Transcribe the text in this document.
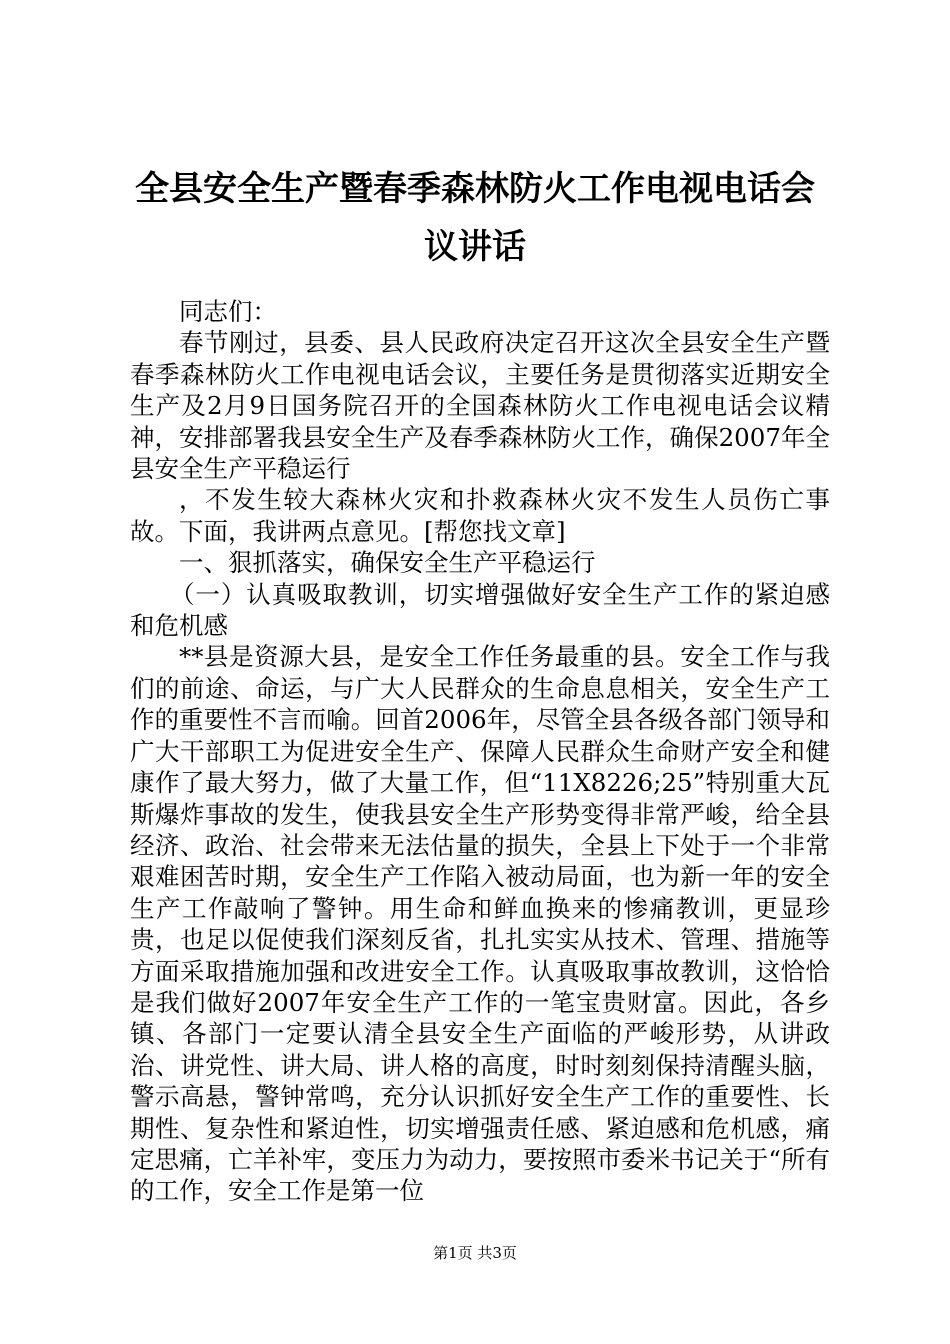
全县安全生产暨春季森林防火工作电视电话会议讲话

同志们：

春节刚过，县委、县人民政府决定召开这次全县安全生产暨春季森林防火工作电视电话会议，主要任务是贯彻落实近期安全生产及2月9日国务院召开的全国森林防火工作电视电话会议精神，安排部署我县安全生产及春季森林防火工作，确保2007年全县安全生产平稳运行

，不发生较大森林火灾和扑救森林火灾不发生人员伤亡事故。下面，我讲两点意见。[帮您找文章]

一、狠抓落实，确保安全生产平稳运行

（一）认真吸取教训，切实增强做好安全生产工作的紧迫感和危机感

**县是资源大县，是安全工作任务最重的县。安全工作与我们的前途、命运，与广大人民群众的生命息息相关，安全生产工作的重要性不言而喻。回首2006年，尽管全县各级各部门领导和广大干部职工为促进安全生产、保障人民群众生命财产安全和健康作了最大努力，做了大量工作，但“11X8226;25”特别重大瓦斯爆炸事故的发生，使我县安全生产形势变得非常严峻，给全县经济、政治、社会带来无法估量的损失，全县上下处于一个非常艰难困苦时期，安全生产工作陷入被动局面，也为新一年的安全生产工作敲响了警钟。用生命和鲜血换来的惨痛教训，更显珍贵，也足以促使我们深刻反省，扎扎实实从技术、管理、措施等方面采取措施加强和改进安全工作。认真吸取事故教训，这恰恰是我们做好2007年安全生产工作的一笔宝贵财富。因此，各乡镇、各部门一定要认清全县安全生产面临的严峻形势，从讲政治、讲党性、讲大局、讲人格的高度，时时刻刻保持清醒头脑，警示高悬，警钟常鸣，充分认识抓好安全生产工作的重要性、长期性、复杂性和紧迫性，切实增强责任感、紧迫感和危机感，痛定思痛，亡羊补牢，变压力为动力，要按照市委米书记关于“所有的工作，安全工作是第一位

第1页 共3页
